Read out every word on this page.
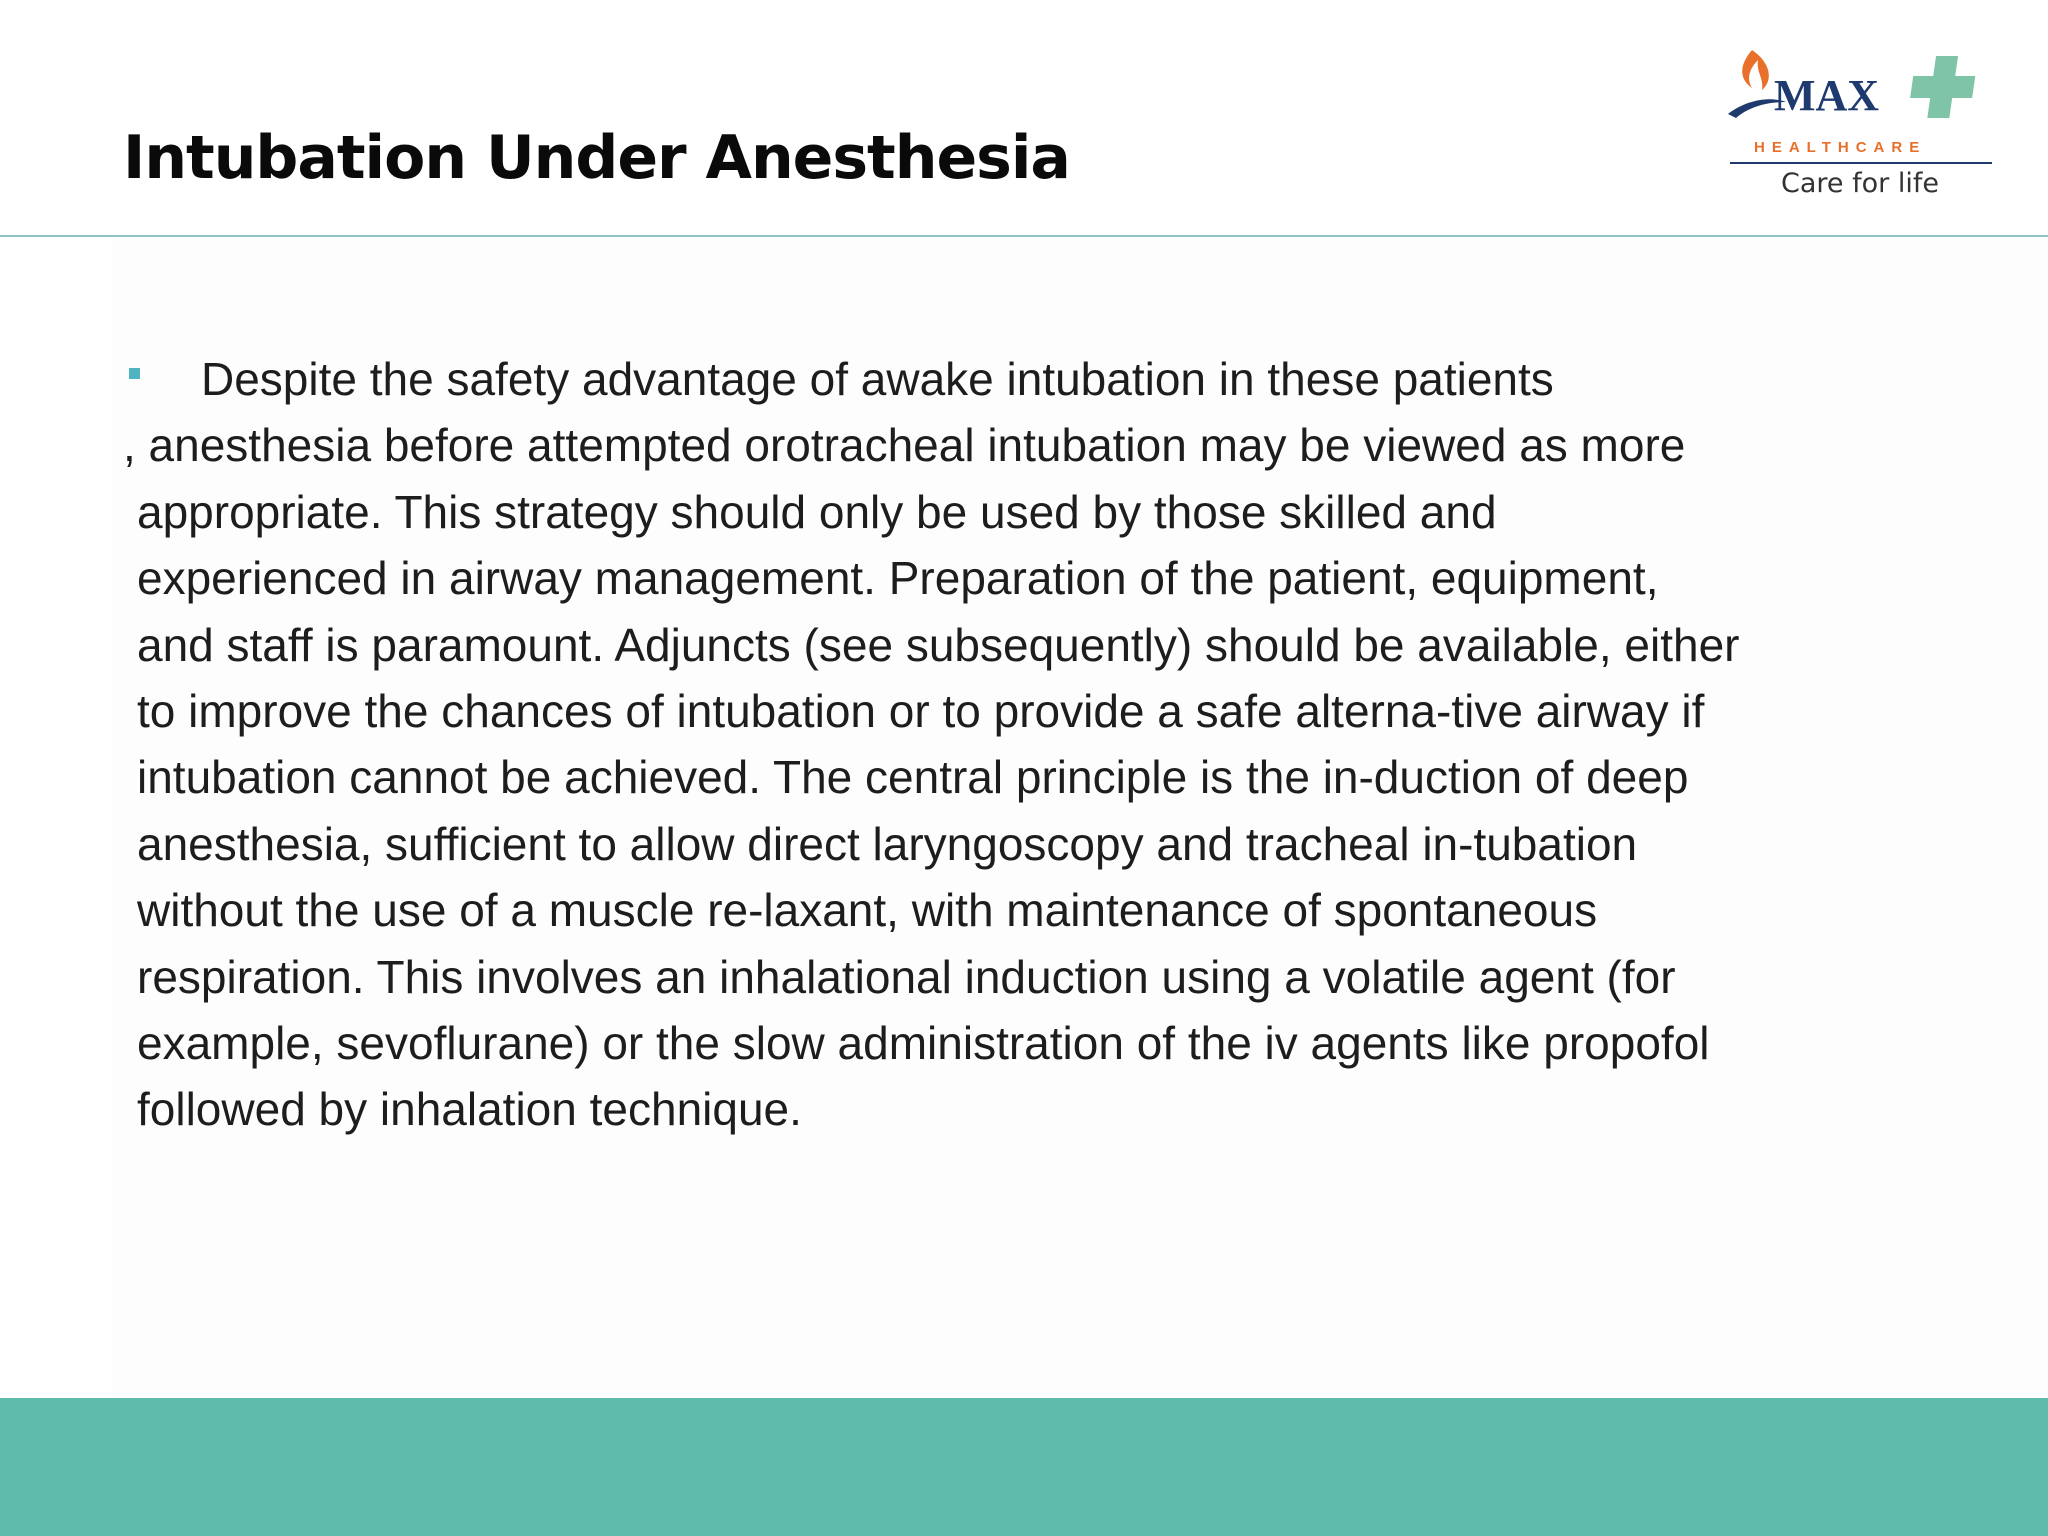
Intubation Under Anesthesia
MAX
HEALTHCARE
Care for life
Despite the safety advantage of awake intubation in these patients
, anesthesia before attempted orotracheal intubation may be viewed as more
appropriate. This strategy should only be used by those skilled and
experienced in airway management. Preparation of the patient, equipment,
and staff is paramount. Adjuncts (see subsequently) should be available, either
to improve the chances of intubation or to provide a safe alterna-tive airway if
intubation cannot be achieved. The central principle is the in-duction of deep
anesthesia, sufficient to allow direct laryngoscopy and tracheal in-tubation
without the use of a muscle re-laxant, with maintenance of spontaneous
respiration. This involves an inhalational induction using a volatile agent (for
example, sevoflurane) or the slow administration of the iv agents like propofol
followed by inhalation technique.
